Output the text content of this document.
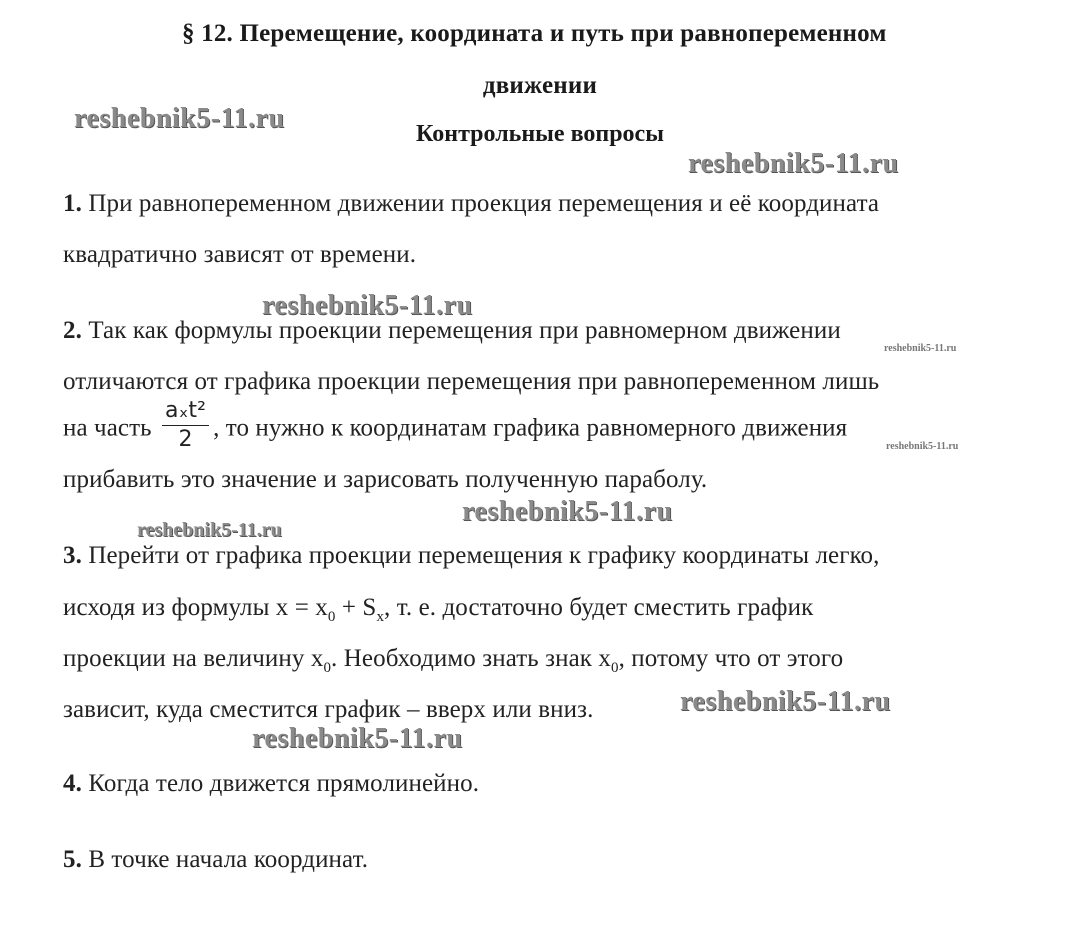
§ 12. Перемещение, координата и путь при равнопеременном
движении
Контрольные вопросы
1. При равнопеременном движении проекция перемещения и её координата
квадратично зависят от времени.
2. Так как формулы проекции перемещения при равномерном движении
отличаются от графика проекции перемещения при равнопеременном лишь
на часть $\frac{\text{aₓt²}}{2}$ , то нужно к координатам графика равномерного движения
прибавить это значение и зарисовать полученную параболу.
3. Перейти от графика проекции перемещения к графику координаты легко,
исходя из формулы $x = x_0 + S_x$, т. е. достаточно будет сместить график
проекции на величину $x_0$. Необходимо знать знак $x_0$, потому что от этого
зависит, куда сместится график – вверх или вниз.
4. Когда тело движется прямолинейно.
5. В точке начала координат.
reshebnik5-11.ru
reshebnik5-11.ru
reshebnik5-11.ru
reshebnik5-11.ru
reshebnik5-11.ru
reshebnik5-11.ru
reshebnik5-11.ru
reshebnik5-11.ru
reshebnik5-11.ru
